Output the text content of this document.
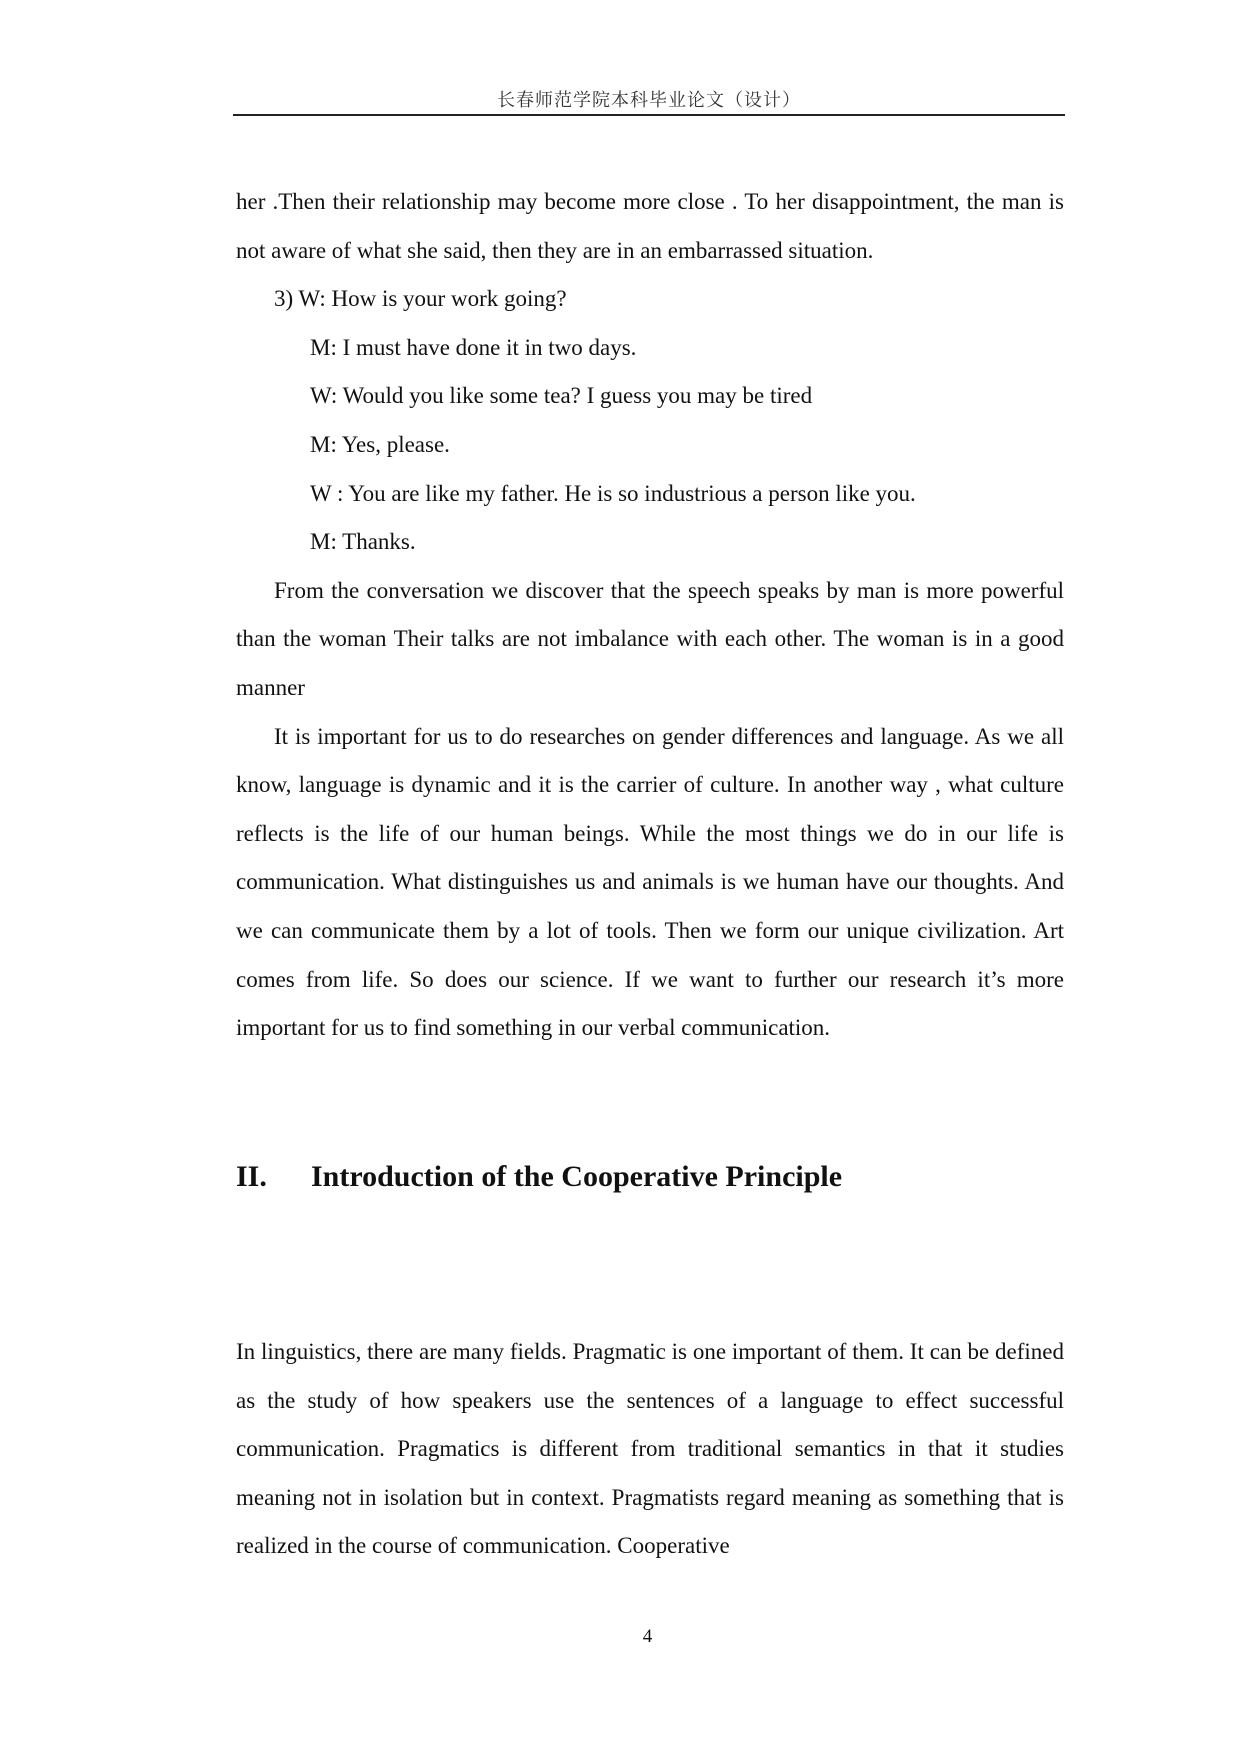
长春师范学院本科毕业论文（设计）

her .Then their relationship may become more close . To her disappointment, the man is not aware of what she said, then they are in an embarrassed situation.

3) W: How is your work going?

M: I must have done it in two days.

W: Would you like some tea? I guess you may be tired

M: Yes, please.

W : You are like my father. He is so industrious a person like you.

M: Thanks.

From the conversation we discover that the speech speaks by man is more powerful than the woman Their talks are not imbalance with each other. The woman is in a good manner

It is important for us to do researches on gender differences and language. As we all know, language is dynamic and it is the carrier of culture. In another way , what culture reflects is the life of our human beings. While the most things we do in our life is communication. What distinguishes us and animals is we human have our thoughts. And we can communicate them by a lot of tools. Then we form our unique civilization. Art comes from life. So does our science. If we want to further our research it’s more important for us to find something in our verbal communication.

II. Introduction of the Cooperative Principle

In linguistics, there are many fields. Pragmatic is one important of them. It can be defined as the study of how speakers use the sentences of a language to effect successful communication. Pragmatics is different from traditional semantics in that it studies meaning not in isolation but in context. Pragmatists regard meaning as something that is realized in the course of communication. Cooperative

4
